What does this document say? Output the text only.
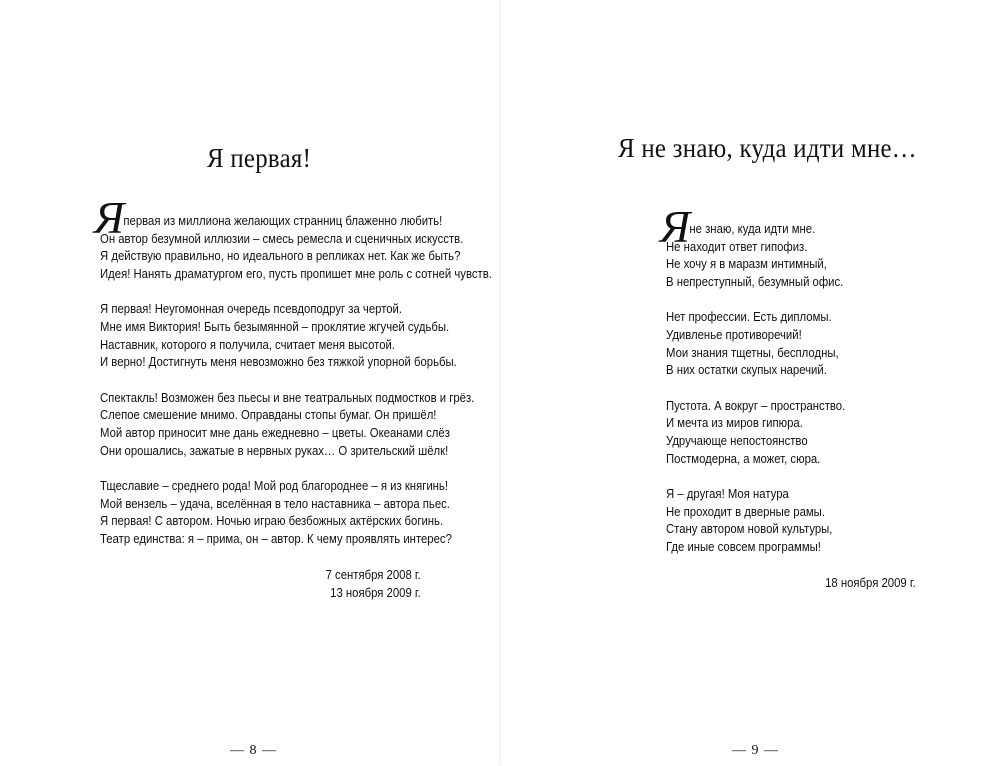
Я первая!
Я первая из миллиона желающих странниц блаженно любить!
Он автор безумной иллюзии – смесь ремесла и сценичных искусств.
Я действую правильно, но идеального в репликах нет. Как же быть?
Идея! Нанять драматургом его, пусть пропишет мне роль с сотней чувств.
Я первая! Неугомонная очередь псевдоподруг за чертой.
Мне имя Виктория! Быть безымянной – проклятие жгучей судьбы.
Наставник, которого я получила, считает меня высотой.
И верно! Достигнуть меня невозможно без тяжкой упорной борьбы.
Спектакль! Возможен без пьесы и вне театральных подмостков и грёз.
Слепое смешение мнимо. Оправданы стопы бумаг. Он пришёл!
Мой автор приносит мне дань ежедневно – цветы. Океанами слёз
Они орошались, зажатые в нервных руках… О зрительский шёлк!
Тщеславие – среднего рода! Мой род благороднее – я из княгинь!
Мой вензель – удача, вселённая в тело наставника – автора пьес.
Я первая! С автором. Ночью играю безбожных актёрских богинь.
Театр единства: я – прима, он – автор. К чему проявлять интерес?
7 сентября 2008 г.
13 ноября 2009 г.
— 8 —
Я не знаю, куда идти мне…
Я не знаю, куда идти мне.
Не находит ответ гипофиз.
Не хочу я в маразм интимный,
В непреступный, безумный офис.
Нет профессии. Есть дипломы.
Удивленье противоречий!
Мои знания тщетны, бесплодны,
В них остатки скупых наречий.
Пустота. А вокруг – пространство.
И мечта из миров гипюра.
Удручающе непостоянство
Постмодерна, а может, сюра.
Я – другая! Моя натура
Не проходит в дверные рамы.
Стану автором новой культуры,
Где иные совсем программы!
18 ноября 2009 г.
— 9 —
